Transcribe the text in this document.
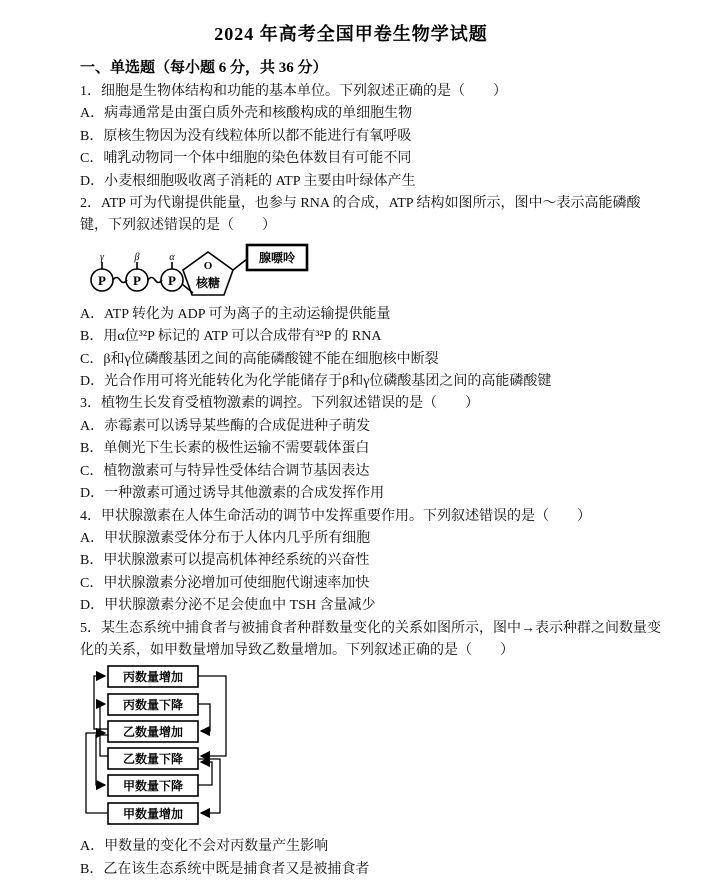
2024 年高考全国甲卷生物学试题
一、单选题（每小题 6 分，共 36 分）

1．细胞是生物体结构和功能的基本单位。下列叙述正确的是（　　）

A．病毒通常是由蛋白质外壳和核酸构成的单细胞生物

B．原核生物因为没有线粒体所以都不能进行有氧呼吸

C．哺乳动物同一个体中细胞的染色体数目有可能不同

D．小麦根细胞吸收离子消耗的 ATP 主要由叶绿体产生

2．ATP 可为代谢提供能量，也参与 RNA 的合成，ATP 结构如图所示，图中～表示高能磷酸键，下列叙述错误的是（　　）

γ	β	α
P P P
O
核糖
腺嘌呤

A．ATP 转化为 ADP 可为离子的主动运输提供能量

B．用α位³²P 标记的 ATP 可以合成带有³²P 的 RNA

C．β和γ位磷酸基团之间的高能磷酸键不能在细胞核中断裂

D．光合作用可将光能转化为化学能储存于β和γ位磷酸基团之间的高能磷酸键

3．植物生长发育受植物激素的调控。下列叙述错误的是（　　）

A．赤霉素可以诱导某些酶的合成促进种子萌发

B．单侧光下生长素的极性运输不需要载体蛋白

C．植物激素可与特异性受体结合调节基因表达

D．一种激素可通过诱导其他激素的合成发挥作用

4．甲状腺激素在人体生命活动的调节中发挥重要作用。下列叙述错误的是（　　）

A．甲状腺激素受体分布于人体内几乎所有细胞

B．甲状腺激素可以提高机体神经系统的兴奋性

C．甲状腺激素分泌增加可使细胞代谢速率加快

D．甲状腺激素分泌不足会使血中 TSH 含量减少

5．某生态系统中捕食者与被捕食者种群数量变化的关系如图所示，图中→表示种群之间数量变化的关系，如甲数量增加导致乙数量增加。下列叙述正确的是（　　）

丙数量增加
丙数量下降
乙数量增加
乙数量下降
甲数量下降
甲数量增加

A．甲数量的变化不会对丙数量产生影响

B．乙在该生态系统中既是捕食者又是被捕食者
